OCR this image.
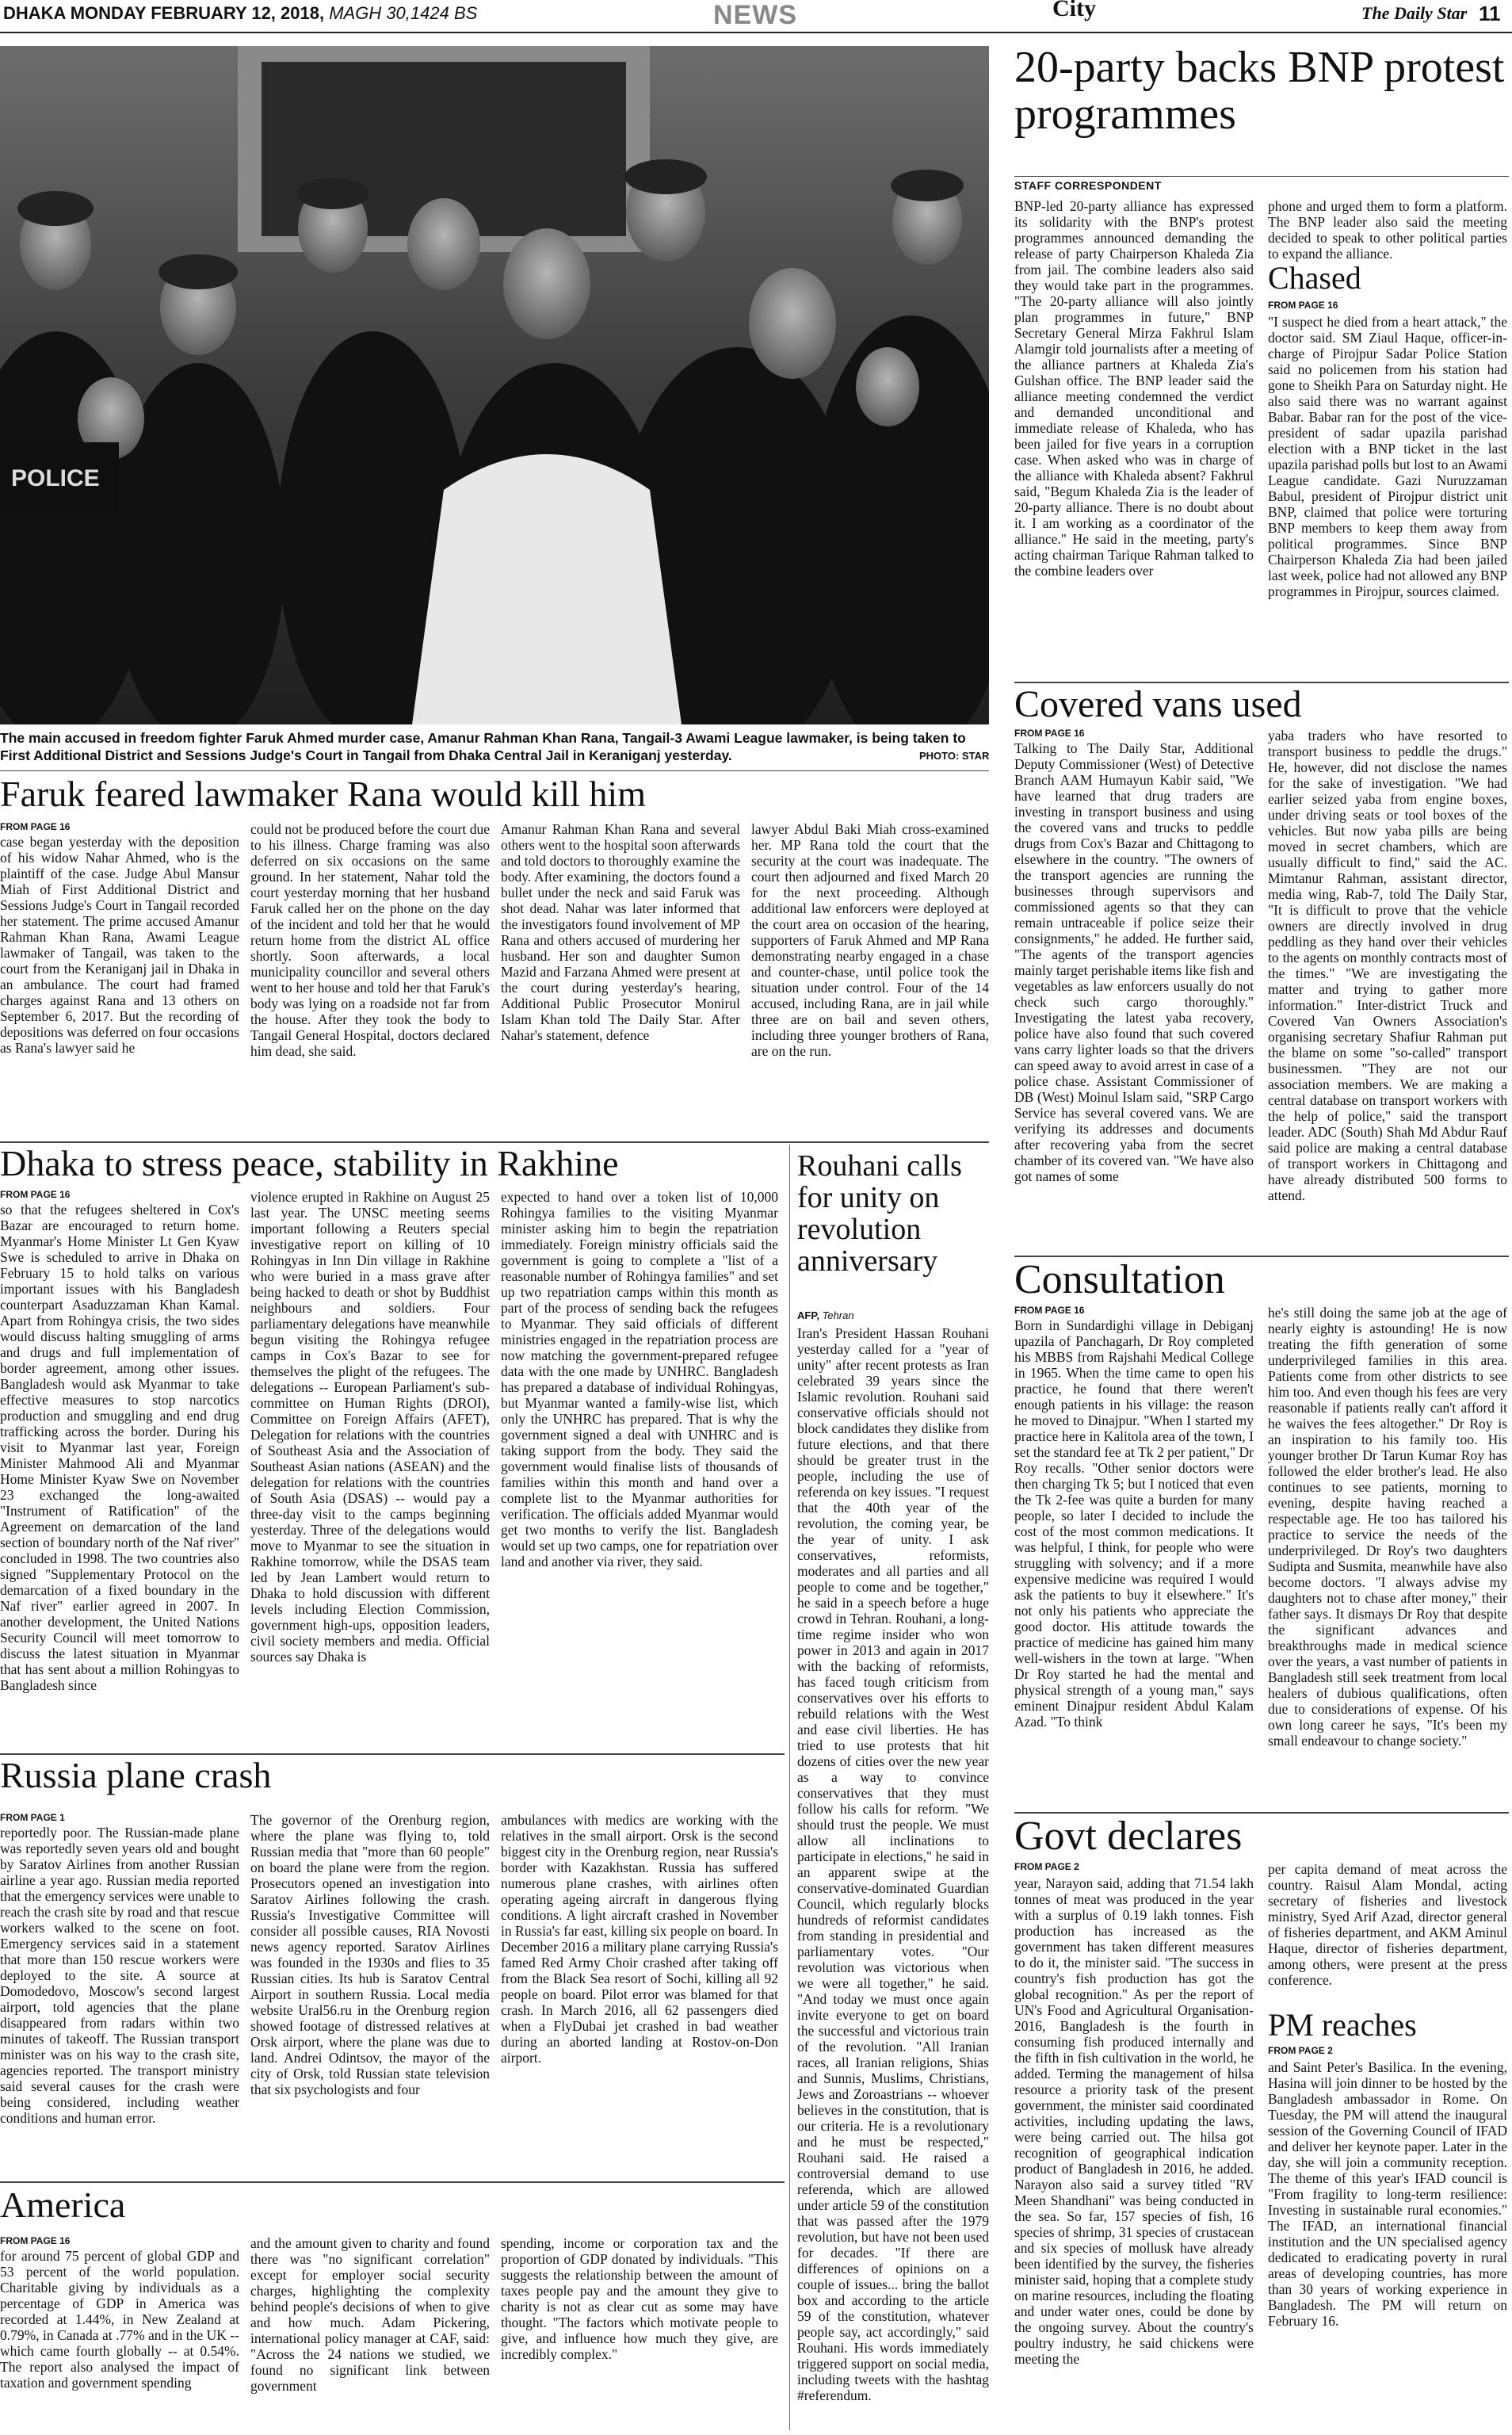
DHAKA MONDAY FEBRUARY 12, 2018, MAGH 30,1424 BS	NEWS	City	The Daily Star 11
POLICE
The main accused in freedom fighter Faruk Ahmed murder case, Amanur Rahman Khan Rana, Tangail-3 Awami League lawmaker, is being taken to First Additional District and Sessions Judge's Court in Tangail from Dhaka Central Jail in Keraniganj yesterday.	PHOTO: STAR
20-party backs BNP protest programmes
STAFF CORRESPONDENT
BNP-led 20-party alliance has expressed its solidarity with the BNP's protest programmes announced demanding the release of party Chairperson Khaleda Zia from jail. The combine leaders also said they would take part in the programmes. "The 20-party alliance will also jointly plan programmes in future," BNP Secretary General Mirza Fakhrul Islam Alamgir told journalists after a meeting of the alliance partners at Khaleda Zia's Gulshan office. The BNP leader said the alliance meeting condemned the verdict and demanded unconditional and immediate release of Khaleda, who has been jailed for five years in a corruption case. When asked who was in charge of the alliance with Khaleda absent? Fakhrul said, "Begum Khaleda Zia is the leader of 20-party alliance. There is no doubt about it. I am working as a coordinator of the alliance." He said in the meeting, party's acting chairman Tarique Rahman talked to the combine leaders over
phone and urged them to form a platform. The BNP leader also said the meeting decided to speak to other political parties to expand the alliance.
Chased
FROM PAGE 16
"I suspect he died from a heart attack," the doctor said. SM Ziaul Haque, officer-in-charge of Pirojpur Sadar Police Station said no policemen from his station had gone to Sheikh Para on Saturday night. He also said there was no warrant against Babar. Babar ran for the post of the vice-president of sadar upazila parishad election with a BNP ticket in the last upazila parishad polls but lost to an Awami League candidate. Gazi Nuruzzaman Babul, president of Pirojpur district unit BNP, claimed that police were torturing BNP members to keep them away from political programmes. Since BNP Chairperson Khaleda Zia had been jailed last week, police had not allowed any BNP programmes in Pirojpur, sources claimed.
Covered vans used
FROM PAGE 16
Talking to The Daily Star, Additional Deputy Commissioner (West) of Detective Branch AAM Humayun Kabir said, "We have learned that drug traders are investing in transport business and using the covered vans and trucks to peddle drugs from Cox's Bazar and Chittagong to elsewhere in the country. "The owners of the transport agencies are running the businesses through supervisors and commissioned agents so that they can remain untraceable if police seize their consignments," he added. He further said, "The agents of the transport agencies mainly target perishable items like fish and vegetables as law enforcers usually do not check such cargo thoroughly." Investigating the latest yaba recovery, police have also found that such covered vans carry lighter loads so that the drivers can speed away to avoid arrest in case of a police chase. Assistant Commissioner of DB (West) Moinul Islam said, "SRP Cargo Service has several covered vans. We are verifying its addresses and documents after recovering yaba from the secret chamber of its covered van. "We have also got names of some
yaba traders who have resorted to transport business to peddle the drugs." He, however, did not disclose the names for the sake of investigation. "We had earlier seized yaba from engine boxes, under driving seats or tool boxes of the vehicles. But now yaba pills are being moved in secret chambers, which are usually difficult to find," said the AC. Mimtanur Rahman, assistant director, media wing, Rab-7, told The Daily Star, "It is difficult to prove that the vehicle owners are directly involved in drug peddling as they hand over their vehicles to the agents on monthly contracts most of the times." "We are investigating the matter and trying to gather more information." Inter-district Truck and Covered Van Owners Association's organising secretary Shafiur Rahman put the blame on some "so-called" transport businessmen. "They are not our association members. We are making a central database on transport workers with the help of police," said the transport leader. ADC (South) Shah Md Abdur Rauf said police are making a central database of transport workers in Chittagong and have already distributed 500 forms to attend.
Consultation
FROM PAGE 16
Born in Sundardighi village in Debiganj upazila of Panchagarh, Dr Roy completed his MBBS from Rajshahi Medical College in 1965. When the time came to open his practice, he found that there weren't enough patients in his village: the reason he moved to Dinajpur. "When I started my practice here in Kalitola area of the town, I set the standard fee at Tk 2 per patient," Dr Roy recalls. "Other senior doctors were then charging Tk 5; but I noticed that even the Tk 2-fee was quite a burden for many people, so later I decided to include the cost of the most common medications. It was helpful, I think, for people who were struggling with solvency; and if a more expensive medicine was required I would ask the patients to buy it elsewhere." It's not only his patients who appreciate the good doctor. His attitude towards the practice of medicine has gained him many well-wishers in the town at large. "When Dr Roy started he had the mental and physical strength of a young man," says eminent Dinajpur resident Abdul Kalam Azad. "To think
he's still doing the same job at the age of nearly eighty is astounding! He is now treating the fifth generation of some underprivileged families in this area. Patients come from other districts to see him too. And even though his fees are very reasonable if patients really can't afford it he waives the fees altogether." Dr Roy is an inspiration to his family too. His younger brother Dr Tarun Kumar Roy has followed the elder brother's lead. He also continues to see patients, morning to evening, despite having reached a respectable age. He too has tailored his practice to service the needs of the underprivileged. Dr Roy's two daughters Sudipta and Susmita, meanwhile have also become doctors. "I always advise my daughters not to chase after money," their father says. It dismays Dr Roy that despite the significant advances and breakthroughs made in medical science over the years, a vast number of patients in Bangladesh still seek treatment from local healers of dubious qualifications, often due to considerations of expense. Of his own long career he says, "It's been my small endeavour to change society."
Govt declares
FROM PAGE 2
year, Narayon said, adding that 71.54 lakh tonnes of meat was produced in the year with a surplus of 0.19 lakh tonnes. Fish production has increased as the government has taken different measures to do it, the minister said. "The success in country's fish production has got the global recognition." As per the report of UN's Food and Agricultural Organisation-2016, Bangladesh is the fourth in consuming fish produced internally and the fifth in fish cultivation in the world, he added. Terming the management of hilsa resource a priority task of the present government, the minister said coordinated activities, including updating the laws, were being carried out. The hilsa got recognition of geographical indication product of Bangladesh in 2016, he added. Narayon also said a survey titled "RV Meen Shandhani" was being conducted in the sea. So far, 157 species of fish, 16 species of shrimp, 31 species of crustacean and six species of mollusk have already been identified by the survey, the fisheries minister said, hoping that a complete study on marine resources, including the floating and under water ones, could be done by the ongoing survey. About the country's poultry industry, he said chickens were meeting the
per capita demand of meat across the country. Raisul Alam Mondal, acting secretary of fisheries and livestock ministry, Syed Arif Azad, director general of fisheries department, and AKM Aminul Haque, director of fisheries department, among others, were present at the press conference.
PM reaches
FROM PAGE 2
and Saint Peter's Basilica. In the evening, Hasina will join dinner to be hosted by the Bangladesh ambassador in Rome. On Tuesday, the PM will attend the inaugural session of the Governing Council of IFAD and deliver her keynote paper. Later in the day, she will join a community reception. The theme of this year's IFAD council is "From fragility to long-term resilience: Investing in sustainable rural economies." The IFAD, an international financial institution and the UN specialised agency dedicated to eradicating poverty in rural areas of developing countries, has more than 30 years of working experience in Bangladesh. The PM will return on February 16.
Faruk feared lawmaker Rana would kill him
FROM PAGE 16
case began yesterday with the deposition of his widow Nahar Ahmed, who is the plaintiff of the case. Judge Abul Mansur Miah of First Additional District and Sessions Judge's Court in Tangail recorded her statement. The prime accused Amanur Rahman Khan Rana, Awami League lawmaker of Tangail, was taken to the court from the Keraniganj jail in Dhaka in an ambulance. The court had framed charges against Rana and 13 others on September 6, 2017. But the recording of depositions was deferred on four occasions as Rana's lawyer said he
could not be produced before the court due to his illness. Charge framing was also deferred on six occasions on the same ground. In her statement, Nahar told the court yesterday morning that her husband Faruk called her on the phone on the day of the incident and told her that he would return home from the district AL office shortly. Soon afterwards, a local municipality councillor and several others went to her house and told her that Faruk's body was lying on a roadside not far from the house. After they took the body to Tangail General Hospital, doctors declared him dead, she said.
Amanur Rahman Khan Rana and several others went to the hospital soon afterwards and told doctors to thoroughly examine the body. After examining, the doctors found a bullet under the neck and said Faruk was shot dead. Nahar was later informed that the investigators found involvement of MP Rana and others accused of murdering her husband. Her son and daughter Sumon Mazid and Farzana Ahmed were present at the court during yesterday's hearing, Additional Public Prosecutor Monirul Islam Khan told The Daily Star. After Nahar's statement, defence
lawyer Abdul Baki Miah cross-examined her. MP Rana told the court that the security at the court was inadequate. The court then adjourned and fixed March 20 for the next proceeding. Although additional law enforcers were deployed at the court area on occasion of the hearing, supporters of Faruk Ahmed and MP Rana demonstrating nearby engaged in a chase and counter-chase, until police took the situation under control. Four of the 14 accused, including Rana, are in jail while three are on bail and seven others, including three younger brothers of Rana, are on the run.
Dhaka to stress peace, stability in Rakhine
FROM PAGE 16
so that the refugees sheltered in Cox's Bazar are encouraged to return home. Myanmar's Home Minister Lt Gen Kyaw Swe is scheduled to arrive in Dhaka on February 15 to hold talks on various important issues with his Bangladesh counterpart Asaduzzaman Khan Kamal. Apart from Rohingya crisis, the two sides would discuss halting smuggling of arms and drugs and full implementation of border agreement, among other issues. Bangladesh would ask Myanmar to take effective measures to stop narcotics production and smuggling and end drug trafficking across the border. During his visit to Myanmar last year, Foreign Minister Mahmood Ali and Myanmar Home Minister Kyaw Swe on November 23 exchanged the long-awaited "Instrument of Ratification" of the Agreement on demarcation of the land section of boundary north of the Naf river" concluded in 1998. The two countries also signed "Supplementary Protocol on the demarcation of a fixed boundary in the Naf river" earlier agreed in 2007. In another development, the United Nations Security Council will meet tomorrow to discuss the latest situation in Myanmar that has sent about a million Rohingyas to Bangladesh since
violence erupted in Rakhine on August 25 last year. The UNSC meeting seems important following a Reuters special investigative report on killing of 10 Rohingyas in Inn Din village in Rakhine who were buried in a mass grave after being hacked to death or shot by Buddhist neighbours and soldiers. Four parliamentary delegations have meanwhile begun visiting the Rohingya refugee camps in Cox's Bazar to see for themselves the plight of the refugees. The delegations -- European Parliament's sub-committee on Human Rights (DROI), Committee on Foreign Affairs (AFET), Delegation for relations with the countries of Southeast Asia and the Association of Southeast Asian nations (ASEAN) and the delegation for relations with the countries of South Asia (DSAS) -- would pay a three-day visit to the camps beginning yesterday. Three of the delegations would move to Myanmar to see the situation in Rakhine tomorrow, while the DSAS team led by Jean Lambert would return to Dhaka to hold discussion with different levels including Election Commission, government high-ups, opposition leaders, civil society members and media. Official sources say Dhaka is
expected to hand over a token list of 10,000 Rohingya families to the visiting Myanmar minister asking him to begin the repatriation immediately. Foreign ministry officials said the government is going to complete a "list of a reasonable number of Rohingya families" and set up two repatriation camps within this month as part of the process of sending back the refugees to Myanmar. They said officials of different ministries engaged in the repatriation process are now matching the government-prepared refugee data with the one made by UNHRC. Bangladesh has prepared a database of individual Rohingyas, but Myanmar wanted a family-wise list, which only the UNHRC has prepared. That is why the government signed a deal with UNHRC and is taking support from the body. They said the government would finalise lists of thousands of families within this month and hand over a complete list to the Myanmar authorities for verification. The officials added Myanmar would get two months to verify the list. Bangladesh would set up two camps, one for repatriation over land and another via river, they said.
Rouhani calls for unity on revolution anniversary
AFP, Tehran
Iran's President Hassan Rouhani yesterday called for a "year of unity" after recent protests as Iran celebrated 39 years since the Islamic revolution. Rouhani said conservative officials should not block candidates they dislike from future elections, and that there should be greater trust in the people, including the use of referenda on key issues. "I request that the 40th year of the revolution, the coming year, be the year of unity. I ask conservatives, reformists, moderates and all parties and all people to come and be together," he said in a speech before a huge crowd in Tehran. Rouhani, a long-time regime insider who won power in 2013 and again in 2017 with the backing of reformists, has faced tough criticism from conservatives over his efforts to rebuild relations with the West and ease civil liberties. He has tried to use protests that hit dozens of cities over the new year as a way to convince conservatives that they must follow his calls for reform. "We should trust the people. We must allow all inclinations to participate in elections," he said in an apparent swipe at the conservative-dominated Guardian Council, which regularly blocks hundreds of reformist candidates from standing in presidential and parliamentary votes. "Our revolution was victorious when we were all together," he said. "And today we must once again invite everyone to get on board the successful and victorious train of the revolution. "All Iranian races, all Iranian religions, Shias and Sunnis, Muslims, Christians, Jews and Zoroastrians -- whoever believes in the constitution, that is our criteria. He is a revolutionary and he must be respected," Rouhani said. He raised a controversial demand to use referenda, which are allowed under article 59 of the constitution that was passed after the 1979 revolution, but have not been used for decades. "If there are differences of opinions on a couple of issues... bring the ballot box and according to the article 59 of the constitution, whatever people say, act accordingly," said Rouhani. His words immediately triggered support on social media, including tweets with the hashtag #referendum.
Russia plane crash
FROM PAGE 1
reportedly poor. The Russian-made plane was reportedly seven years old and bought by Saratov Airlines from another Russian airline a year ago. Russian media reported that the emergency services were unable to reach the crash site by road and that rescue workers walked to the scene on foot. Emergency services said in a statement that more than 150 rescue workers were deployed to the site. A source at Domodedovo, Moscow's second largest airport, told agencies that the plane disappeared from radars within two minutes of takeoff. The Russian transport minister was on his way to the crash site, agencies reported. The transport ministry said several causes for the crash were being considered, including weather conditions and human error.
The governor of the Orenburg region, where the plane was flying to, told Russian media that "more than 60 people" on board the plane were from the region. Prosecutors opened an investigation into Saratov Airlines following the crash. Russia's Investigative Committee will consider all possible causes, RIA Novosti news agency reported. Saratov Airlines was founded in the 1930s and flies to 35 Russian cities. Its hub is Saratov Central Airport in southern Russia. Local media website Ural56.ru in the Orenburg region showed footage of distressed relatives at Orsk airport, where the plane was due to land. Andrei Odintsov, the mayor of the city of Orsk, told Russian state television that six psychologists and four
ambulances with medics are working with the relatives in the small airport. Orsk is the second biggest city in the Orenburg region, near Russia's border with Kazakhstan. Russia has suffered numerous plane crashes, with airlines often operating ageing aircraft in dangerous flying conditions. A light aircraft crashed in November in Russia's far east, killing six people on board. In December 2016 a military plane carrying Russia's famed Red Army Choir crashed after taking off from the Black Sea resort of Sochi, killing all 92 people on board. Pilot error was blamed for that crash. In March 2016, all 62 passengers died when a FlyDubai jet crashed in bad weather during an aborted landing at Rostov-on-Don airport.
America
FROM PAGE 16
for around 75 percent of global GDP and 53 percent of the world population. Charitable giving by individuals as a percentage of GDP in America was recorded at 1.44%, in New Zealand at 0.79%, in Canada at .77% and in the UK -- which came fourth globally -- at 0.54%. The report also analysed the impact of taxation and government spending
and the amount given to charity and found there was "no significant correlation" except for employer social security charges, highlighting the complexity behind people's decisions of when to give and how much. Adam Pickering, international policy manager at CAF, said: "Across the 24 nations we studied, we found no significant link between government
spending, income or corporation tax and the proportion of GDP donated by individuals. "This suggests the relationship between the amount of taxes people pay and the amount they give to charity is not as clear cut as some may have thought. "The factors which motivate people to give, and influence how much they give, are incredibly complex."
